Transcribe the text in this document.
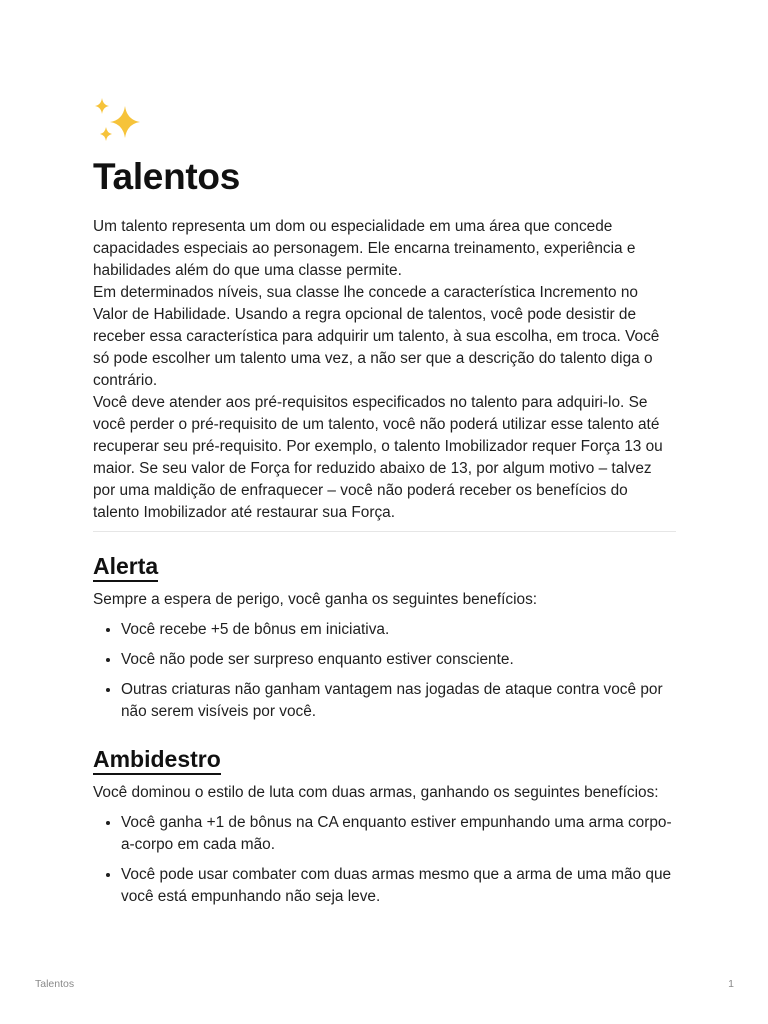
Talentos

Um talento representa um dom ou especialidade em uma área que concede capacidades especiais ao personagem. Ele encarna treinamento, experiência e habilidades além do que uma classe permite.

Em determinados níveis, sua classe lhe concede a característica Incremento no Valor de Habilidade. Usando a regra opcional de talentos, você pode desistir de receber essa característica para adquirir um talento, à sua escolha, em troca. Você só pode escolher um talento uma vez, a não ser que a descrição do talento diga o contrário.

Você deve atender aos pré-requisitos especificados no talento para adquiri-lo. Se você perder o pré-requisito de um talento, você não poderá utilizar esse talento até recuperar seu pré-requisito. Por exemplo, o talento Imobilizador requer Força 13 ou maior. Se seu valor de Força for reduzido abaixo de 13, por algum motivo – talvez por uma maldição de enfraquecer – você não poderá receber os benefícios do talento Imobilizador até restaurar sua Força.

Alerta

Sempre a espera de perigo, você ganha os seguintes benefícios:

• Você recebe +5 de bônus em iniciativa.
• Você não pode ser surpreso enquanto estiver consciente.
• Outras criaturas não ganham vantagem nas jogadas de ataque contra você por não serem visíveis por você.
Ambidestro

Você dominou o estilo de luta com duas armas, ganhando os seguintes benefícios:

• Você ganha +1 de bônus na CA enquanto estiver empunhando uma arma corpo-a-corpo em cada mão.
• Você pode usar combater com duas armas mesmo que a arma de uma mão que você está empunhando não seja leve.
Talentos	1
